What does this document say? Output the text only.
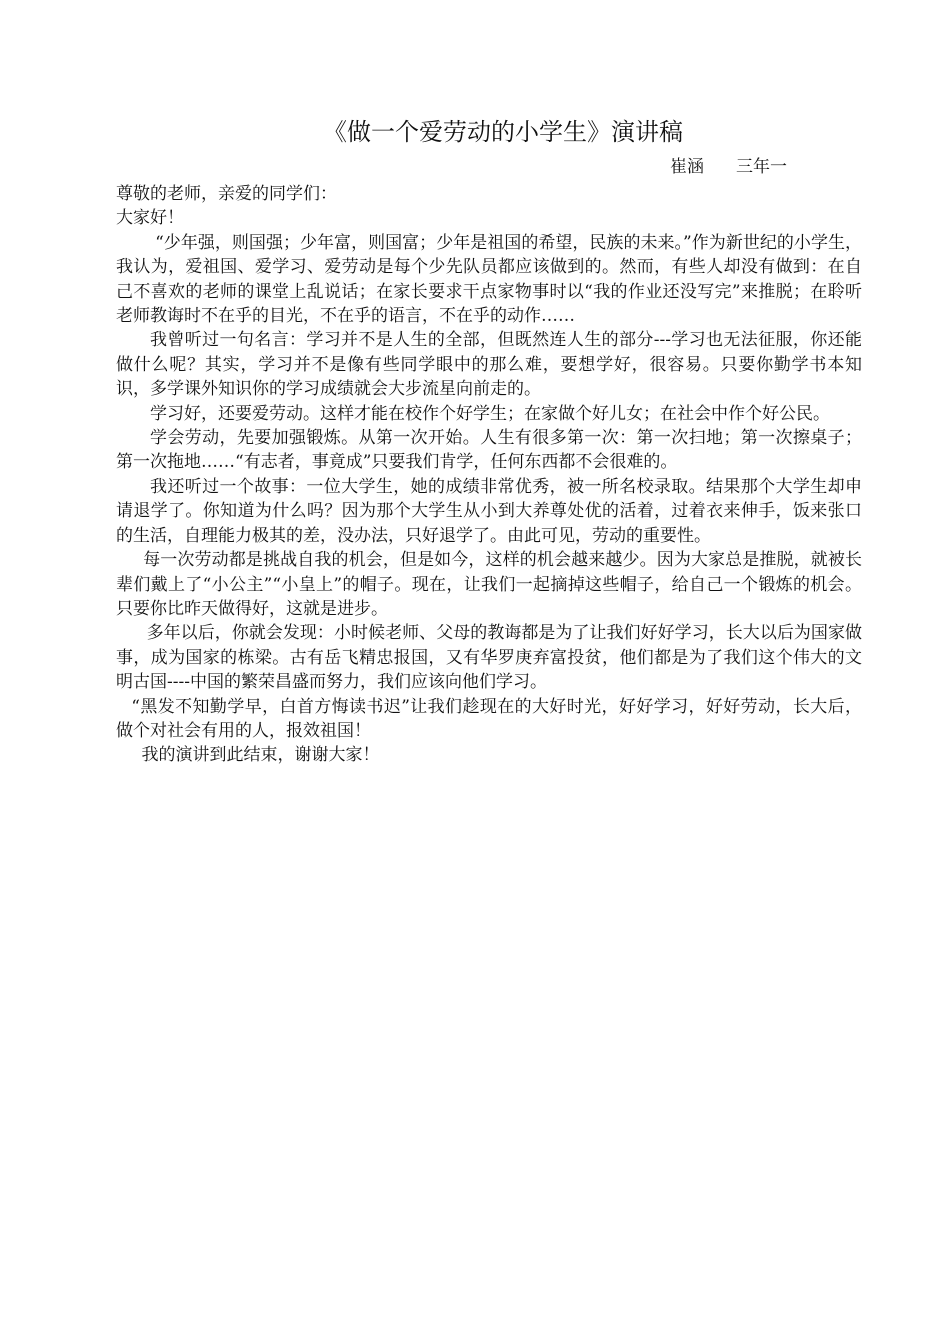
《做一个爱劳动的小学生》演讲稿
崔涵 三年一

尊敬的老师，亲爱的同学们：

大家好！

“少年强，则国强；少年富，则国富；少年是祖国的希望，民族的未来。”作为新世纪的小学生，我认为，爱祖国、爱学习、爱劳动是每个少先队员都应该做到的。然而，有些人却没有做到：在自己不喜欢的老师的课堂上乱说话；在家长要求干点家物事时以“我的作业还没写完”来推脱；在聆听老师教诲时不在乎的目光，不在乎的语言，不在乎的动作……

我曾听过一句名言：学习并不是人生的全部，但既然连人生的部分---学习也无法征服，你还能做什么呢？其实，学习并不是像有些同学眼中的那么难，要想学好，很容易。只要你勤学书本知识，多学课外知识你的学习成绩就会大步流星向前走的。

学习好，还要爱劳动。这样才能在校作个好学生；在家做个好儿女；在社会中作个好公民。

学会劳动，先要加强锻炼。从第一次开始。人生有很多第一次：第一次扫地；第一次擦桌子；第一次拖地……“有志者，事竟成”只要我们肯学，任何东西都不会很难的。

我还听过一个故事：一位大学生，她的成绩非常优秀，被一所名校录取。结果那个大学生却申请退学了。你知道为什么吗？因为那个大学生从小到大养尊处优的活着，过着衣来伸手，饭来张口的生活，自理能力极其的差，没办法，只好退学了。由此可见，劳动的重要性。

每一次劳动都是挑战自我的机会，但是如今，这样的机会越来越少。因为大家总是推脱，就被长辈们戴上了“小公主”“小皇上”的帽子。现在，让我们一起摘掉这些帽子，给自己一个锻炼的机会。只要你比昨天做得好，这就是进步。

多年以后，你就会发现：小时候老师、父母的教诲都是为了让我们好好学习，长大以后为国家做事，成为国家的栋梁。古有岳飞精忠报国，又有华罗庚弃富投贫，他们都是为了我们这个伟大的文明古国----中国的繁荣昌盛而努力，我们应该向他们学习。

“黑发不知勤学早，白首方悔读书迟”让我们趁现在的大好时光，好好学习，好好劳动，长大后，做个对社会有用的人，报效祖国！

我的演讲到此结束，谢谢大家！
